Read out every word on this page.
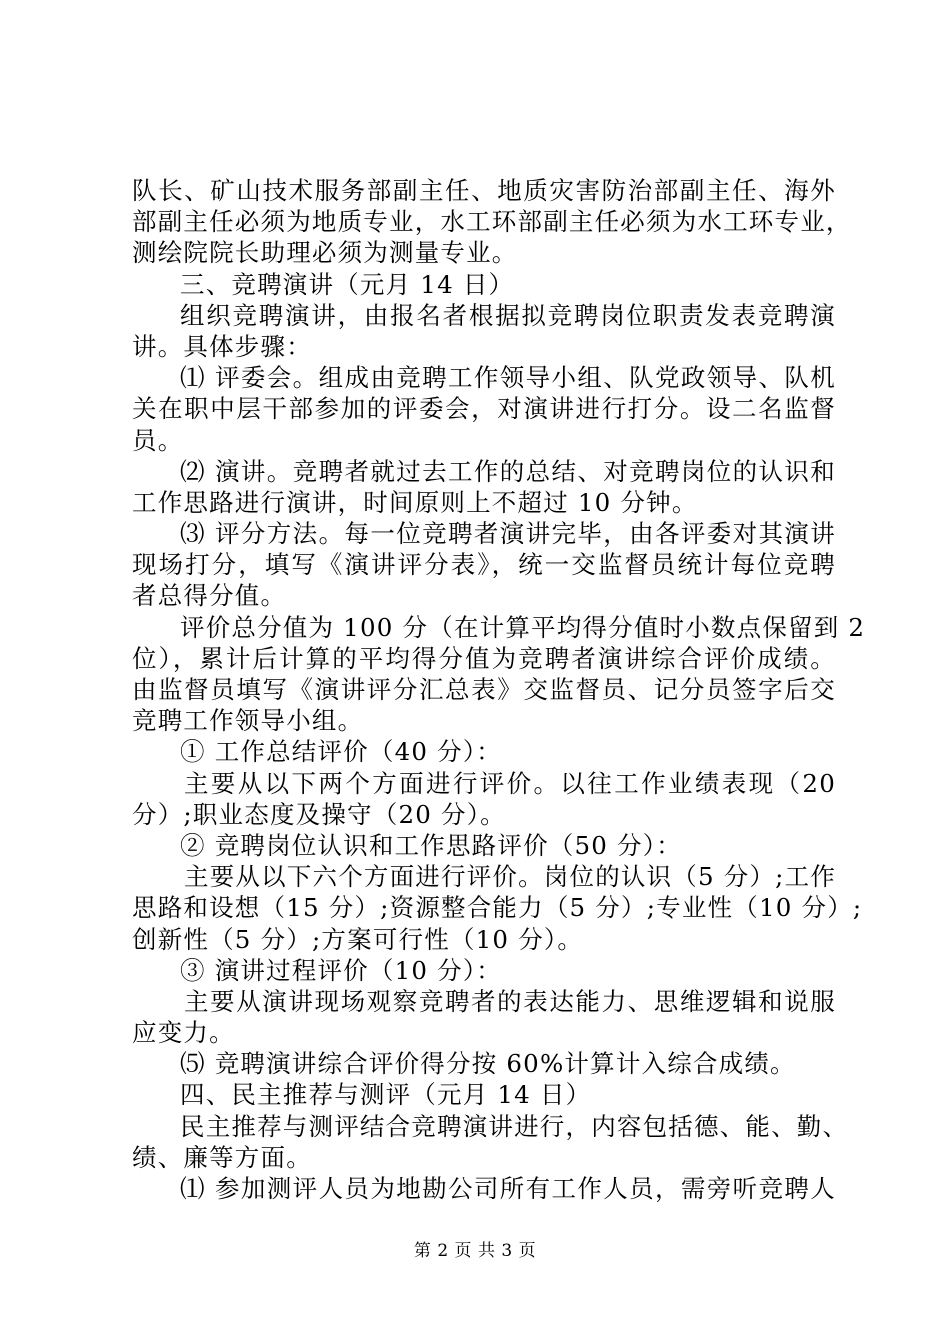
队长、矿山技术服务部副主任、地质灾害防治部副主任、海外
部副主任必须为地质专业，水工环部副主任必须为水工环专业，
测绘院院长助理必须为测量专业。
三、竞聘演讲（元月 14 日）
组织竞聘演讲，由报名者根据拟竞聘岗位职责发表竞聘演
讲。具体步骤：
⑴ 评委会。组成由竞聘工作领导小组、队党政领导、队机
关在职中层干部参加的评委会，对演讲进行打分。设二名监督
员。
⑵ 演讲。竞聘者就过去工作的总结、对竞聘岗位的认识和
工作思路进行演讲，时间原则上不超过 10 分钟。
⑶ 评分方法。每一位竞聘者演讲完毕，由各评委对其演讲
现场打分，填写《演讲评分表》，统一交监督员统计每位竞聘
者总得分值。
评价总分值为 100 分（在计算平均得分值时小数点保留到 2
位），累计后计算的平均得分值为竞聘者演讲综合评价成绩。
由监督员填写《演讲评分汇总表》交监督员、记分员签字后交
竞聘工作领导小组。
① 工作总结评价（40 分）：
主要从以下两个方面进行评价。以往工作业绩表现（20
分）;职业态度及操守（20 分）。
② 竞聘岗位认识和工作思路评价（50 分）：
主要从以下六个方面进行评价。岗位的认识（5 分）;工作
思路和设想（15 分）;资源整合能力（5 分）;专业性（10 分）;
创新性（5 分）;方案可行性（10 分）。
③ 演讲过程评价（10 分）：
主要从演讲现场观察竞聘者的表达能力、思维逻辑和说服
应变力。
⑸ 竞聘演讲综合评价得分按 60%计算计入综合成绩。
四、民主推荐与测评（元月 14 日）
民主推荐与测评结合竞聘演讲进行，内容包括德、能、勤、
绩、廉等方面。
⑴ 参加测评人员为地勘公司所有工作人员，需旁听竞聘人
第 2 页 共 3 页
